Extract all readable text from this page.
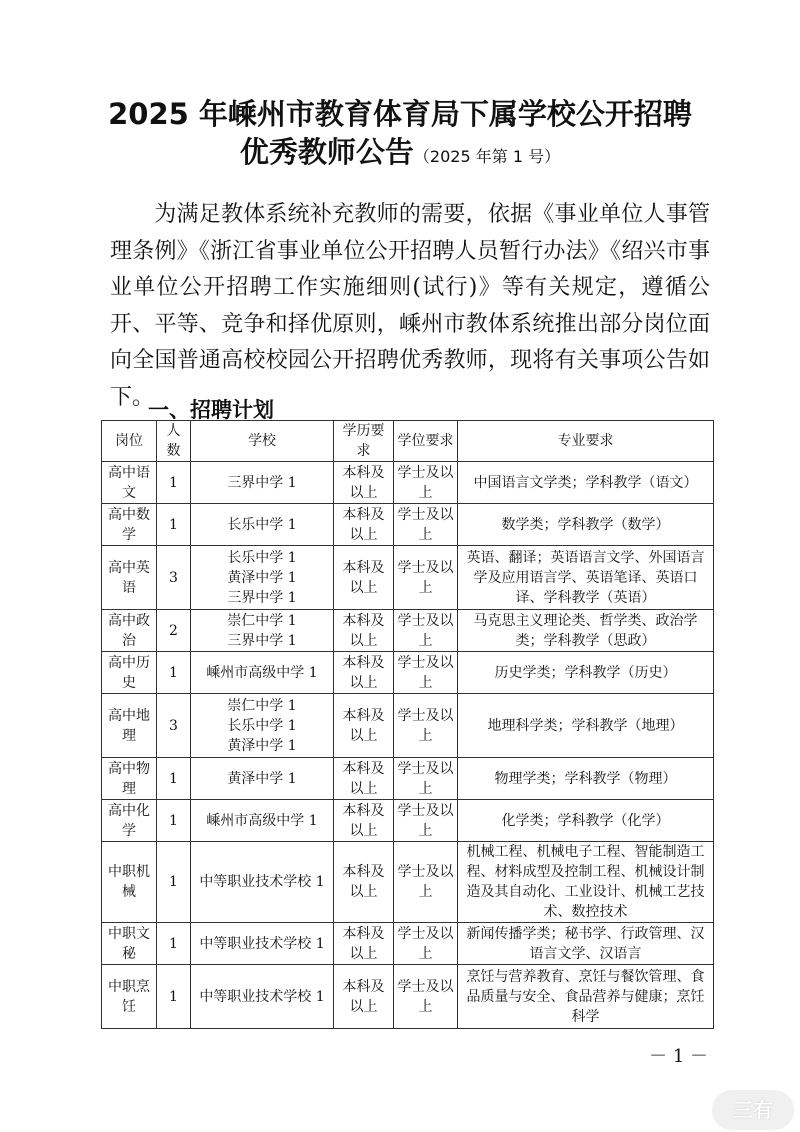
2025 年嵊州市教育体育局下属学校公开招聘
优秀教师公告（2025 年第 1 号）
为满足教体系统补充教师的需要，依据《事业单位人事管理条例》《浙江省事业单位公开招聘人员暂行办法》《绍兴市事业单位公开招聘工作实施细则(试行)》等有关规定，遵循公开、平等、竞争和择优原则，嵊州市教体系统推出部分岗位面向全国普通高校校园公开招聘优秀教师，现将有关事项公告如下。
一、招聘计划
岗位	人数	学校	学历要求	学位要求	专业要求
高中语文	1	三界中学 1	本科及以上	学士及以上	中国语言文学类；学科教学（语文）
高中数学	1	长乐中学 1	本科及以上	学士及以上	数学类；学科教学（数学）
高中英语	3	长乐中学 1
黄泽中学 1
三界中学 1	本科及以上	学士及以上	英语、翻译；英语语言文学、外国语言学及应用语言学、英语笔译、英语口译、学科教学（英语）
高中政治	2	崇仁中学 1
三界中学 1	本科及以上	学士及以上	马克思主义理论类、哲学类、政治学类；学科教学（思政）
高中历史	1	嵊州市高级中学 1	本科及以上	学士及以上	历史学类；学科教学（历史）
高中地理	3	崇仁中学 1
长乐中学 1
黄泽中学 1	本科及以上	学士及以上	地理科学类；学科教学（地理）
高中物理	1	黄泽中学 1	本科及以上	学士及以上	物理学类；学科教学（物理）
高中化学	1	嵊州市高级中学 1	本科及以上	学士及以上	化学类；学科教学（化学）
中职机械	1	中等职业技术学校 1	本科及以上	学士及以上	机械工程、机械电子工程、智能制造工程、材料成型及控制工程、机械设计制造及其自动化、工业设计、机械工艺技术、数控技术
中职文秘	1	中等职业技术学校 1	本科及以上	学士及以上	新闻传播学类；秘书学、行政管理、汉语言文学、汉语言
中职烹饪	1	中等职业技术学校 1	本科及以上	学士及以上	烹饪与营养教育、烹饪与餐饮管理、食品质量与安全、食品营养与健康；烹饪科学
－ 1 －
三有
